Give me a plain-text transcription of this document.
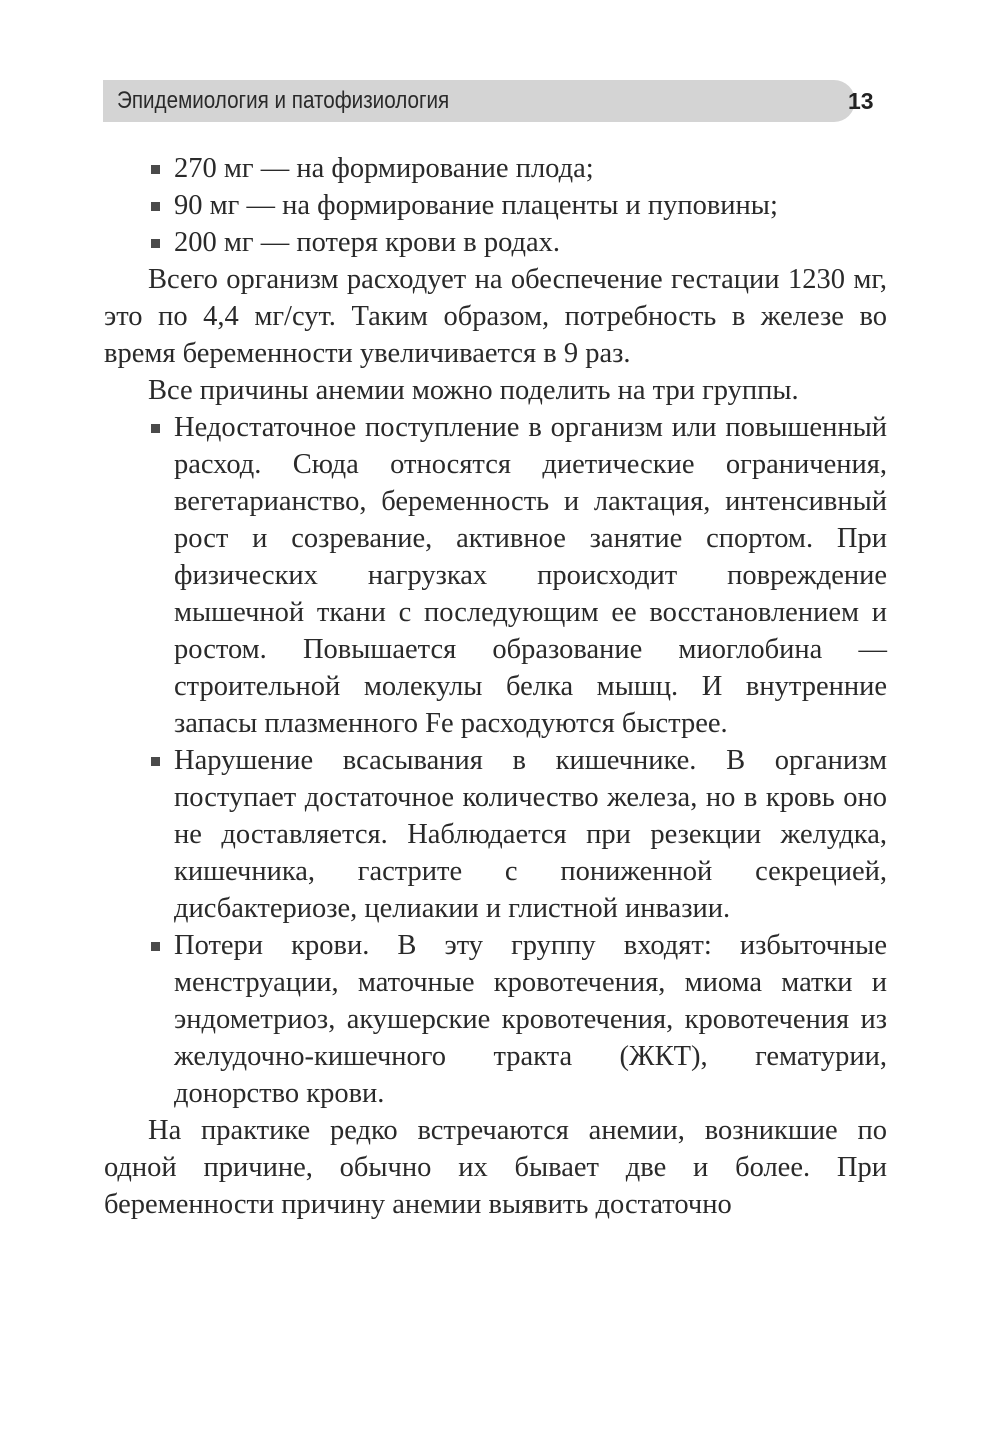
Эпидемиология и патофизиология	13
270 мг — на формирование плода;
90 мг — на формирование плаценты и пуповины;
200 мг — потеря крови в родах.

Всего организм расходует на обеспечение гестации 1230 мг, это по 4,4 мг/сут. Таким образом, потребность в железе во время беременности увеличивается в 9 раз.

Все причины анемии можно поделить на три группы.

Недостаточное поступление в организм или повышенный расход. Сюда относятся диетические ограничения, вегетарианство, беременность и лактация, интенсивный рост и созревание, активное занятие спортом. При физических нагрузках происходит повреждение мышечной ткани с последующим ее восстановлением и ростом. Повышается образование миоглобина — строительной молекулы белка мышц. И внутренние запасы плазменного Fe расходуются быстрее.
Нарушение всасывания в кишечнике. В организм поступает достаточное количество железа, но в кровь оно не доставляется. Наблюдается при резекции желудка, кишечника, гастрите с пониженной секрецией, дисбактериозе, целиакии и глистной инвазии.
Потери крови. В эту группу входят: избыточные менструации, маточные кровотечения, миома матки и эндометриоз, акушерские кровотечения, кровотечения из желудочно-кишечного тракта (ЖКТ), гематурии, донорство крови.

На практике редко встречаются анемии, возникшие по одной причине, обычно их бывает две и более. При беременности причину анемии выявить достаточно
